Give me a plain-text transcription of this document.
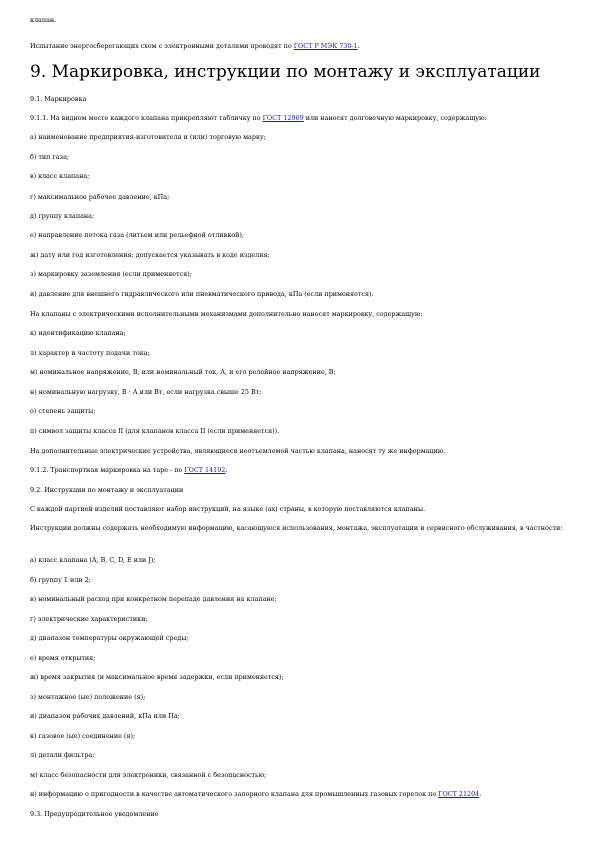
клапан.
Испытание энергосберегающих схем с электронными деталями проводят по ГОСТ Р МЭК 730-1.
9. Маркировка, инструкции по монтажу и эксплуатации
9.1. Маркировка
9.1.1. На видном месте каждого клапана прикрепляют табличку по ГОСТ 12969 или наносят долговечную маркировку, содержащую:
а) наименование предприятия-изготовителя и (или) торговую марку;
б) тип газа;
в) класс клапана;
г) максимальное рабочее давление, кПа;
д) группу клапана;
е) направление потока газа (литьем или рельефной отливкой);
ж) дату или год изготовления; допускается указывать в коде изделия;
з) маркировку заземления (если применяется);
и) давление для внешнего гидравлического или пневматического привода, кПа (если применяется).
На клапаны с электрическими исполнительными механизмами дополнительно наносят маркировку, содержащую:
к) идентификацию клапана;
л) характер и частоту подачи тока;
м) номинальное напряжение, В, или номинальный ток, А, и его релейное напряжение, В;
н) номинальную нагрузку, В · А или Вт, если нагрузка свыше 25 Вт;
о) степень защиты;
п) символ защиты класса II (для клапанов класса II (если применяется)).
На дополнительные электрические устройства, являющиеся неотъемлемой частью клапана, наносят ту же информацию.
9.1.2. Транспортная маркировка на таре - по ГОСТ 14192.
9.2. Инструкции по монтажу и эксплуатации
С каждой партией изделий поставляют набор инструкций, на языке (ах) страны, в которую поставляются клапаны.
Инструкции должны содержать необходимую информацию, касающуюся использования, монтажа, эксплуатации и сервисного обслуживания, в частности:
а) класс клапана (A, B, C, D, E или J);
б) группу 1 или 2;
в) номинальный расход при конкретном перепаде давления на клапане;
г) электрические характеристики;
д) диапазон температуры окружающей среды;
е) время открытия;
ж) время закрытия (и максимальное время задержки, если применяется);
з) монтажное (ые) положение (я);
и) диапазон рабочих давлений, кПа или Па;
к) газовое (ые) соединение (я);
л) детали фильтра;
м) класс безопасности для электроники, связанной с безопасностью;
н) информацию о пригодности в качестве автоматического запорного клапана для промышленных газовых горелок по ГОСТ 21204.
9.3. Предупредительное уведомление
